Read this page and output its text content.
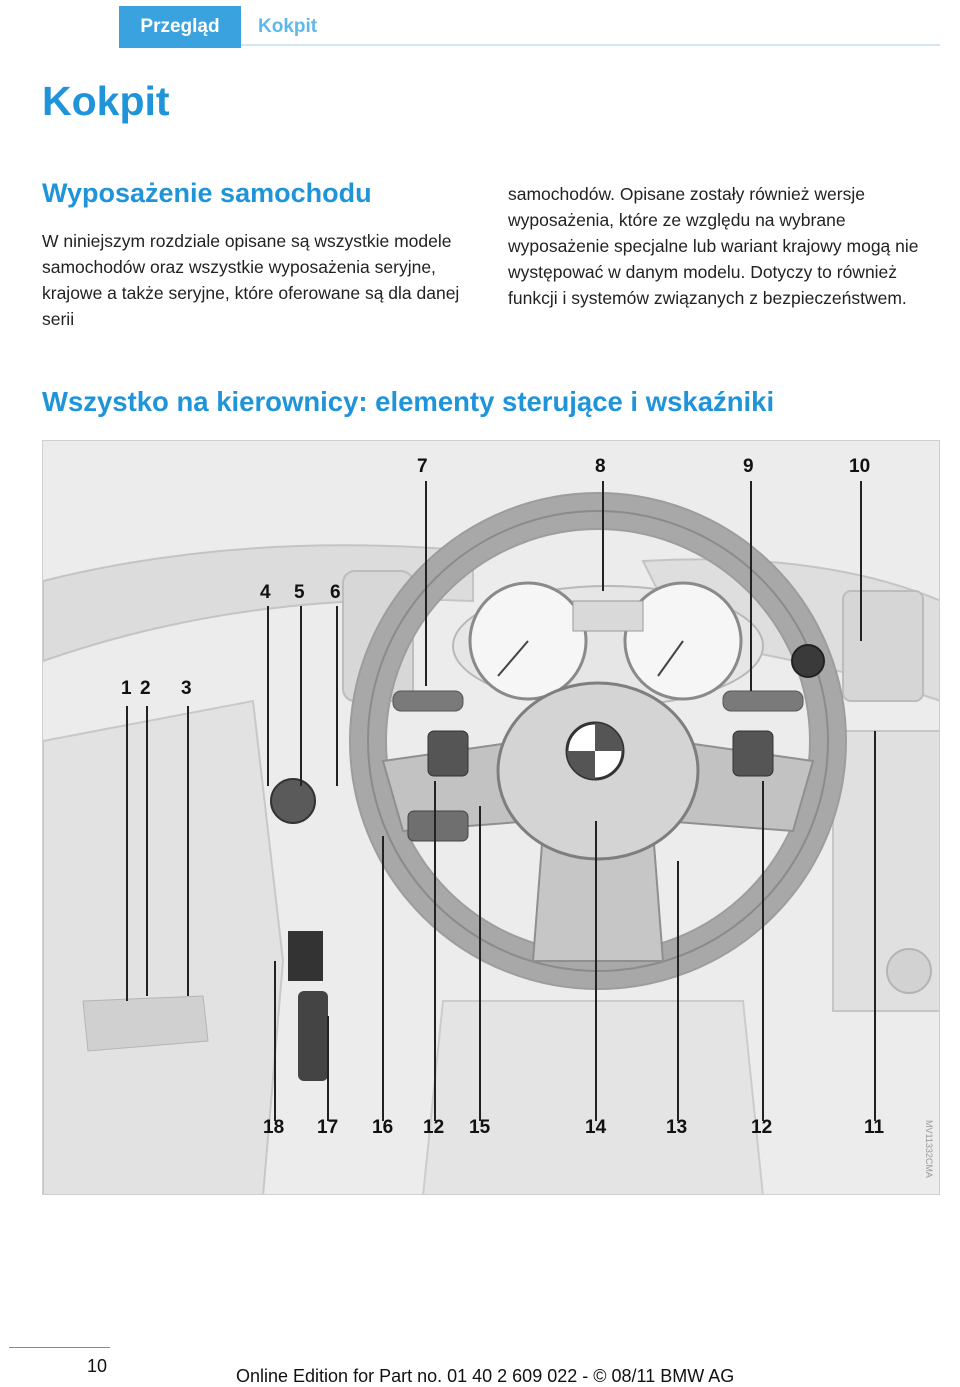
Przegląd	Kokpit
Kokpit
Wyposażenie samochodu
W niniejszym rozdziale opisane są wszystkie modele samochodów oraz wszystkie wyposażenia seryjne, krajowe a także seryjne, które oferowane są dla danej serii
samochodów. Opisane zostały również wersje wyposażenia, które ze względu na wybrane wyposażenie specjalne lub wariant krajowy mogą nie występować w danym modelu. Dotyczy to również funkcji i systemów związanych z bezpieczeństwem.
Wszystko na kierownicy: elementy sterujące i wskaźniki
7	8	9	10
4 5 6
1 2 3
18 17 16 12 15	14	13	12	11	MV11332CMA
10	Online Edition for Part no. 01 40 2 609 022 - © 08/11 BMW AG
